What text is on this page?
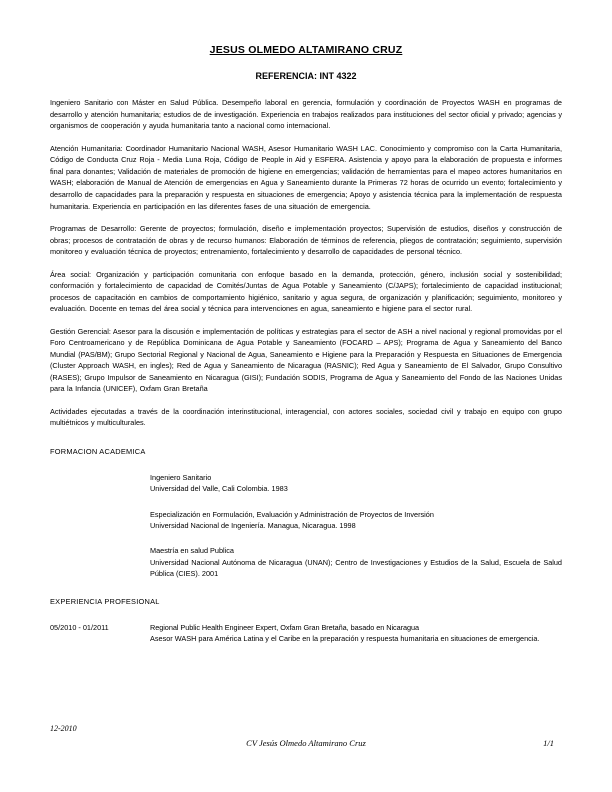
JESUS OLMEDO ALTAMIRANO CRUZ
REFERENCIA: INT 4322

Ingeniero Sanitario con Máster en Salud Pública. Desempeño laboral en gerencia, formulación y coordinación de Proyectos WASH en programas de desarrollo y atención humanitaria; estudios de de investigación. Experiencia en trabajos realizados para instituciones del sector oficial y privado; agencias y organismos de cooperación y ayuda humanitaria tanto a nacional como internacional.

Atención Humanitaria: Coordinador Humanitario Nacional WASH, Asesor Humanitario WASH LAC. Conocimiento y compromiso con la Carta Humanitaria, Código de Conducta Cruz Roja - Media Luna Roja, Código de People in Aid y ESFERA. Asistencia y apoyo para la elaboración de propuesta e informes final para donantes; Validación de materiales de promoción de higiene en emergencias; validación de herramientas para el mapeo actores humanitarios en WASH; elaboración de Manual de Atención de emergencias en Agua y Saneamiento durante la Primeras 72 horas de ocurrido un evento; fortalecimiento y desarrollo de capacidades para la preparación y respuesta en situaciones de emergencia; Apoyo y asistencia técnica para la implementación de respuesta humanitaria. Experiencia en participación en las diferentes fases de una situación de emergencia.

Programas de Desarrollo: Gerente de proyectos; formulación, diseño e implementación proyectos; Supervisión de estudios, diseños y construcción de obras; procesos de contratación de obras y de recurso humanos: Elaboración de términos de referencia, pliegos de contratación; seguimiento, supervisión monitoreo y evaluación técnica de proyectos; entrenamiento, fortalecimiento y desarrollo de capacidades de personal técnico.

Área social: Organización y participación comunitaria con enfoque basado en la demanda, protección, género, inclusión social y sostenibilidad; conformación y fortalecimiento de capacidad de Comités/Juntas de Agua Potable y Saneamiento (C/JAPS); fortalecimiento de capacidad institucional; procesos de capacitación en cambios de comportamiento higiénico, sanitario y agua segura, de organización y planificación; seguimiento, monitoreo y evaluación. Docente en temas del área social y técnica para intervenciones en agua, saneamiento e higiene para el sector rural.

Gestión Gerencial: Asesor para la discusión e implementación de políticas y estrategias para el sector de ASH a nivel nacional y regional promovidas por el Foro Centroamericano y de República Dominicana de Agua Potable y Saneamiento (FOCARD – APS); Programa de Agua y Saneamiento del Banco Mundial (PAS/BM); Grupo Sectorial Regional y Nacional de Agua, Saneamiento e Higiene para la Preparación y Respuesta en Situaciones de Emergencia (Cluster Approach WASH, en ingles); Red de Agua y Saneamiento de Nicaragua (RASNIC); Red Agua y Saneamiento de El Salvador, Grupo Consultivo (RASES); Grupo Impulsor de Saneamiento en Nicaragua (GISI); Fundación SODIS, Programa de Agua y Saneamiento del Fondo de las Naciones Unidas para la Infancia (UNICEF), Oxfam Gran Bretaña

Actividades ejecutadas a través de la coordinación interinstitucional, interagencial, con actores sociales, sociedad civil y trabajo en equipo con grupo multiétnicos y multiculturales.

FORMACION ACADEMICA
Ingeniero Sanitario
Universidad del Valle, Cali Colombia. 1983
Especialización en Formulación, Evaluación y Administración de Proyectos de Inversión
Universidad Nacional de Ingeniería. Managua, Nicaragua. 1998
Maestría en salud Publica
Universidad Nacional Autónoma de Nicaragua (UNAN); Centro de Investigaciones y Estudios de la Salud, Escuela de Salud Pública (CIES). 2001
EXPERIENCIA PROFESIONAL
05/2010 - 01/2011	Regional Public Health Engineer Expert, Oxfam Gran Bretaña, basado en Nicaragua
Asesor WASH para América Latina y el Caribe en la preparación y respuesta humanitaria en situaciones de emergencia.
12-2010
CV Jesús Olmedo Altamirano Cruz	1/1
